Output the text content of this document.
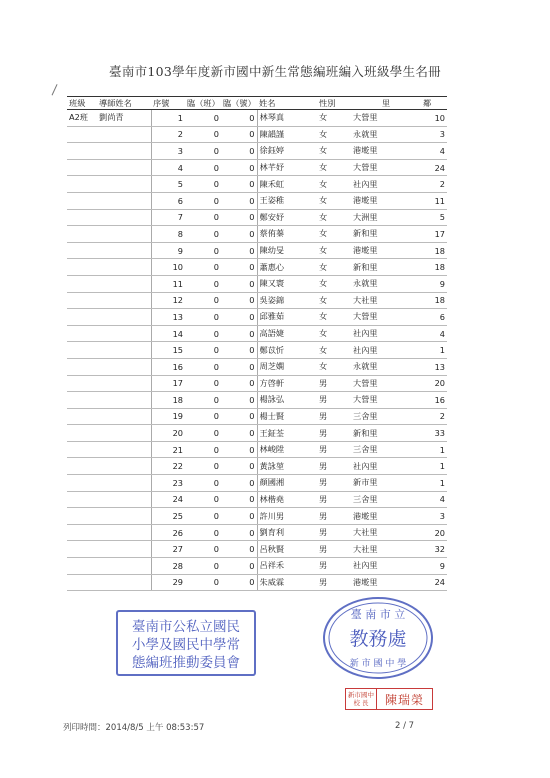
臺南市103學年度新市國中新生常態編班編入班級學生名冊
班級	導師姓名	序號	臨（班）	臨（號）	姓名	性別	里	鄰
A2班	劉尚青	1	0	0	林琴真	女	大營里	10
		2	0	0	陳韻謹	女	永就里	3
		3	0	0	徐鈺婷	女	港墘里	4
		4	0	0	林芊妤	女	大營里	24
		5	0	0	陳禾虹	女	社內里	2
		6	0	0	王姿稚	女	港墘里	11
		7	0	0	鄭安妤	女	大洲里	5
		8	0	0	蔡侑蓁	女	新和里	17
		9	0	0	陳幼旻	女	港墘里	18
		10	0	0	蕭惠心	女	新和里	18
		11	0	0	陳又寰	女	永就里	9
		12	0	0	吳姿錦	女	大社里	18
		13	0	0	邱雅茹	女	大營里	6
		14	0	0	高語婕	女	社內里	4
		15	0	0	鄭苡忻	女	社內里	1
		16	0	0	周芝嫻	女	永就里	13
		17	0	0	方啓軒	男	大營里	20
		18	0	0	楊詠弘	男	大營里	16
		19	0	0	楊士賢	男	三舍里	2
		20	0	0	王鉦荃	男	新和里	33
		21	0	0	林峻陞	男	三舍里	1
		22	0	0	黃詠堃	男	社內里	1
		23	0	0	顏國湘	男	新市里	1
		24	0	0	林楷堯	男	三舍里	4
		25	0	0	許川男	男	港墘里	3
		26	0	0	劉育利	男	大社里	20
		27	0	0	呂秋賢	男	大社里	32
		28	0	0	呂祥禾	男	社內里	9
		29	0	0	朱威霖	男	港墘里	24
臺南市公私立國民
小學及國民中學常
態編班推動委員會
臺 南 市 立
教務處
新 市 國 中 學
新市國中
校 長	陳瑞榮
列印時間：2014/8/5 上午 08:53:57	2 / 7
